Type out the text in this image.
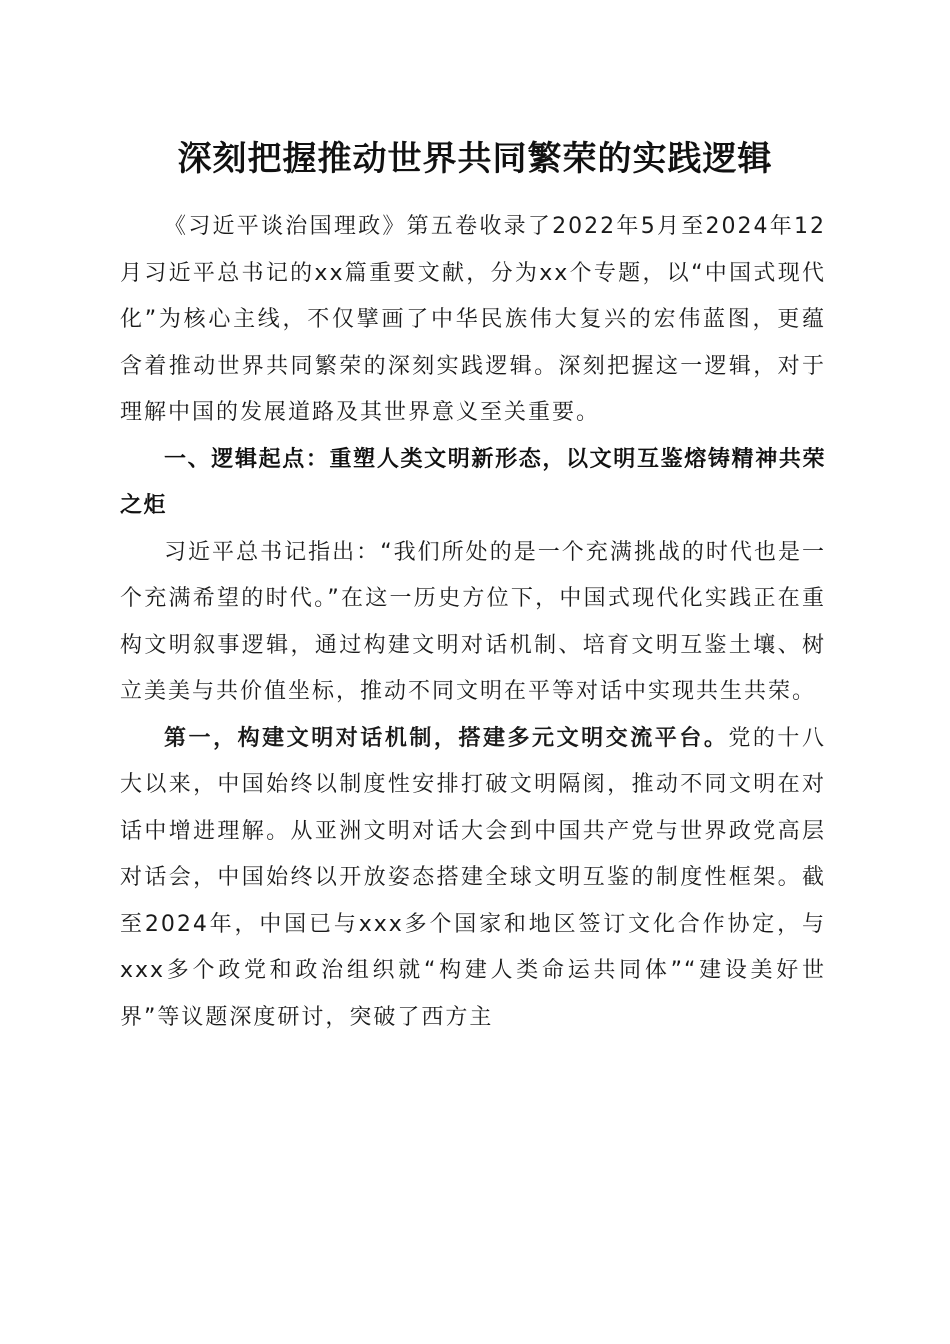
深刻把握推动世界共同繁荣的实践逻辑

《习近平谈治国理政》第五卷收录了2022年5月至2024年12月习近平总书记的xx篇重要文献，分为xx个专题，以“中国式现代化”为核心主线，不仅擘画了中华民族伟大复兴的宏伟蓝图，更蕴含着推动世界共同繁荣的深刻实践逻辑。深刻把握这一逻辑，对于理解中国的发展道路及其世界意义至关重要。

一、逻辑起点：重塑人类文明新形态，以文明互鉴熔铸精神共荣之炬

习近平总书记指出：“我们所处的是一个充满挑战的时代也是一个充满希望的时代。”在这一历史方位下，中国式现代化实践正在重构文明叙事逻辑，通过构建文明对话机制、培育文明互鉴土壤、树立美美与共价值坐标，推动不同文明在平等对话中实现共生共荣。

第一，构建文明对话机制，搭建多元文明交流平台。党的十八大以来，中国始终以制度性安排打破文明隔阂，推动不同文明在对话中增进理解。从亚洲文明对话大会到中国共产党与世界政党高层对话会，中国始终以开放姿态搭建全球文明互鉴的制度性框架。截至2024年，中国已与xxx多个国家和地区签订文化合作协定，与xxx多个政党和政治组织就“构建人类命运共同体”“建设美好世界”等议题深度研讨，突破了西方主
